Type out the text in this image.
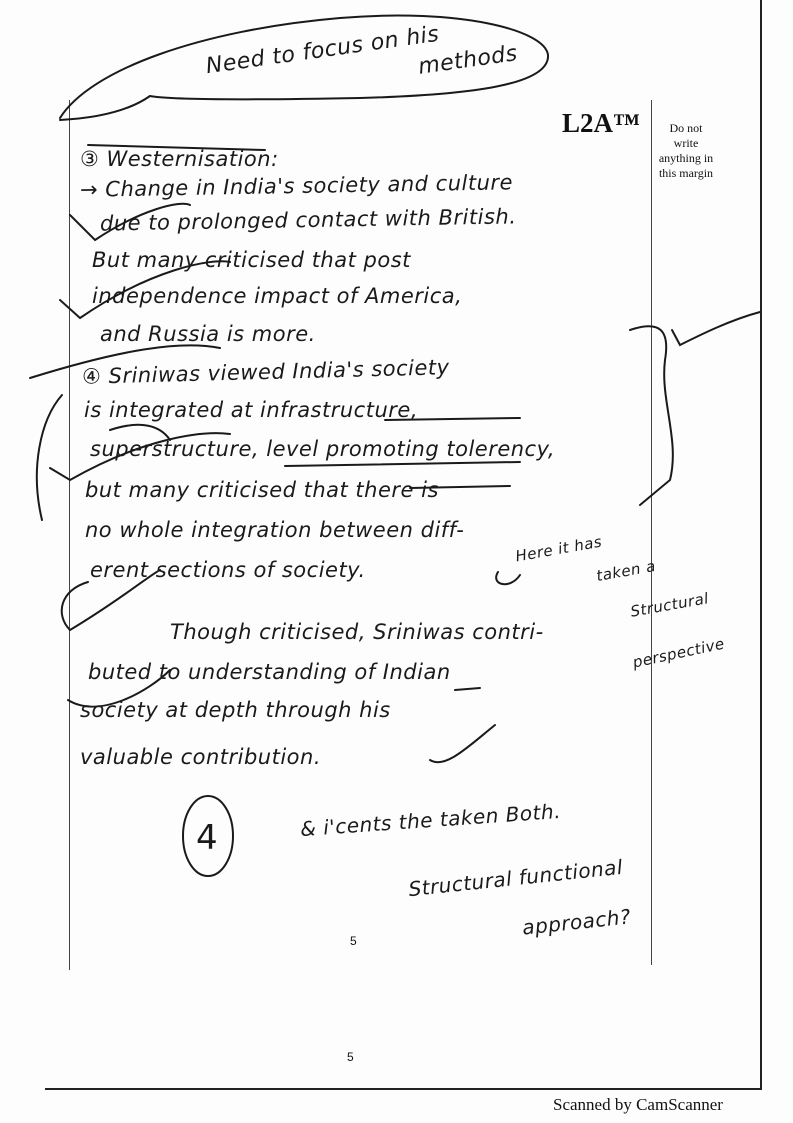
L2A™	Do not
write
anything in
this margin
Need to focus on his
methods
Here it has
taken a
Structural
perspective
4	& i'cents the taken Both.
Structural functional
approach?
③ Westernisation:
→ Change in India's society and culture
due to prolonged contact with British.
But many criticised that post
independence impact of America,
and Russia is more.
④ Sriniwas viewed India's society
is integrated at infrastructure,
superstructure, level promoting tolerency,
but many criticised that there is
no whole integration between diff-
erent sections of society.
Though criticised, Sriniwas contri-
buted to understanding of Indian
society at depth through his
valuable contribution.
5
5
Scanned by CamScanner
